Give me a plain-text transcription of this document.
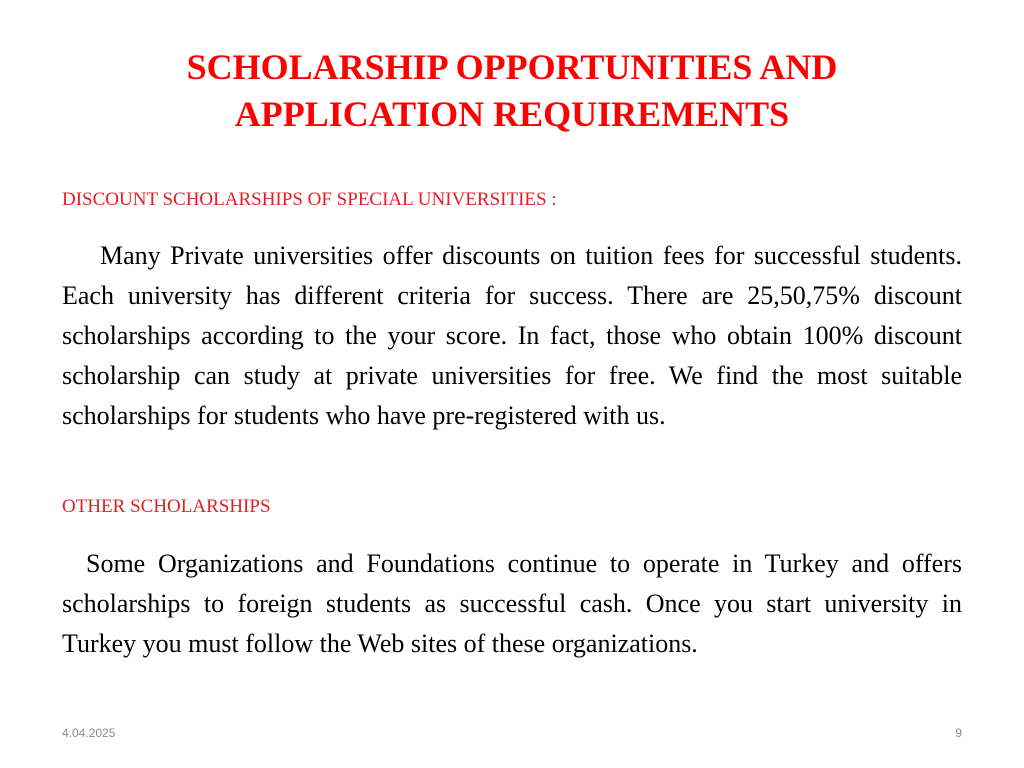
SCHOLARSHIP OPPORTUNITIES AND
APPLICATION REQUIREMENTS
DISCOUNT SCHOLARSHIPS OF SPECIAL UNIVERSITIES :

Many Private universities offer discounts on tuition fees for successful students. Each university has different criteria for success. There are 25,50,75% discount scholarships according to the your score. In fact, those who obtain 100% discount scholarship can study at private universities for free. We find the most suitable scholarships for students who have pre-registered with us.

OTHER SCHOLARSHIPS

Some Organizations and Foundations continue to operate in Turkey and offers scholarships to foreign students as successful cash. Once you start university in Turkey you must follow the Web sites of these organizations.

4.04.2025	9
